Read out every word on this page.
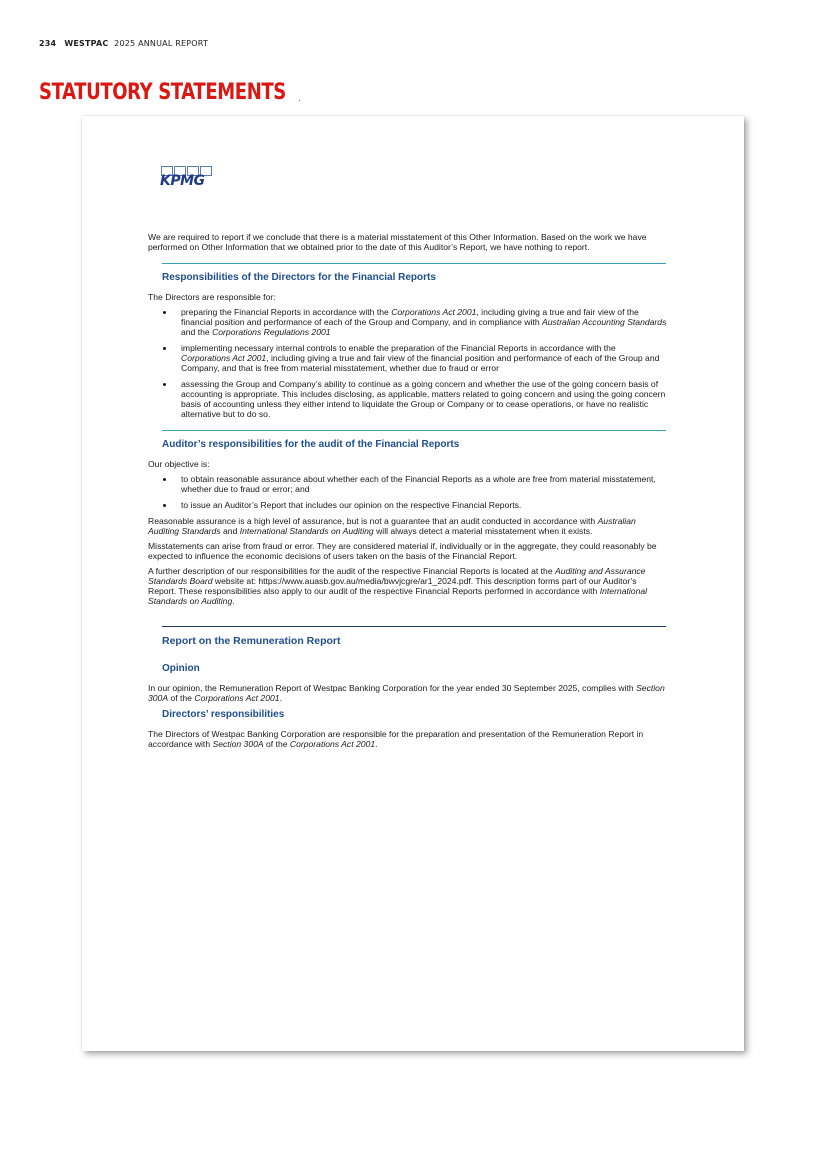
234 WESTPAC 2025 ANNUAL REPORT
STATUTORY STATEMENTS
KPMG

We are required to report if we conclude that there is a material misstatement of this Other Information. Based on the work we have performed on Other Information that we obtained prior to the date of this Auditor’s Report, we have nothing to report.

Responsibilities of the Directors for the Financial Reports

The Directors are responsible for:

preparing the Financial Reports in accordance with the Corporations Act 2001, including giving a true and fair view of the financial position and performance of each of the Group and Company, and in compliance with Australian Accounting Standards and the Corporations Regulations 2001
implementing necessary internal controls to enable the preparation of the Financial Reports in accordance with the Corporations Act 2001, including giving a true and fair view of the financial position and performance of each of the Group and Company, and that is free from material misstatement, whether due to fraud or error
assessing the Group and Company’s ability to continue as a going concern and whether the use of the going concern basis of accounting is appropriate. This includes disclosing, as applicable, matters related to going concern and using the going concern basis of accounting unless they either intend to liquidate the Group or Company or to cease operations, or have no realistic alternative but to do so.
Auditor’s responsibilities for the audit of the Financial Reports

Our objective is:

to obtain reasonable assurance about whether each of the Financial Reports as a whole are free from material misstatement, whether due to fraud or error; and
to issue an Auditor’s Report that includes our opinion on the respective Financial Reports.

Reasonable assurance is a high level of assurance, but is not a guarantee that an audit conducted in accordance with Australian Auditing Standards and International Standards on Auditing will always detect a material misstatement when it exists.

Misstatements can arise from fraud or error. They are considered material if, individually or in the aggregate, they could reasonably be expected to influence the economic decisions of users taken on the basis of the Financial Report.

A further description of our responsibilities for the audit of the respective Financial Reports is located at the Auditing and Assurance Standards Board website at: https://www.auasb.gov.au/media/bwvjcgre/ar1_2024.pdf. This description forms part of our Auditor’s Report. These responsibilities also apply to our audit of the respective Financial Reports performed in accordance with International Standards on Auditing.

Report on the Remuneration Report
Opinion

In our opinion, the Remuneration Report of Westpac Banking Corporation for the year ended 30 September 2025, complies with Section 300A of the Corporations Act 2001.

Directors’ responsibilities

The Directors of Westpac Banking Corporation are responsible for the preparation and presentation of the Remuneration Report in accordance with Section 300A of the Corporations Act 2001.
